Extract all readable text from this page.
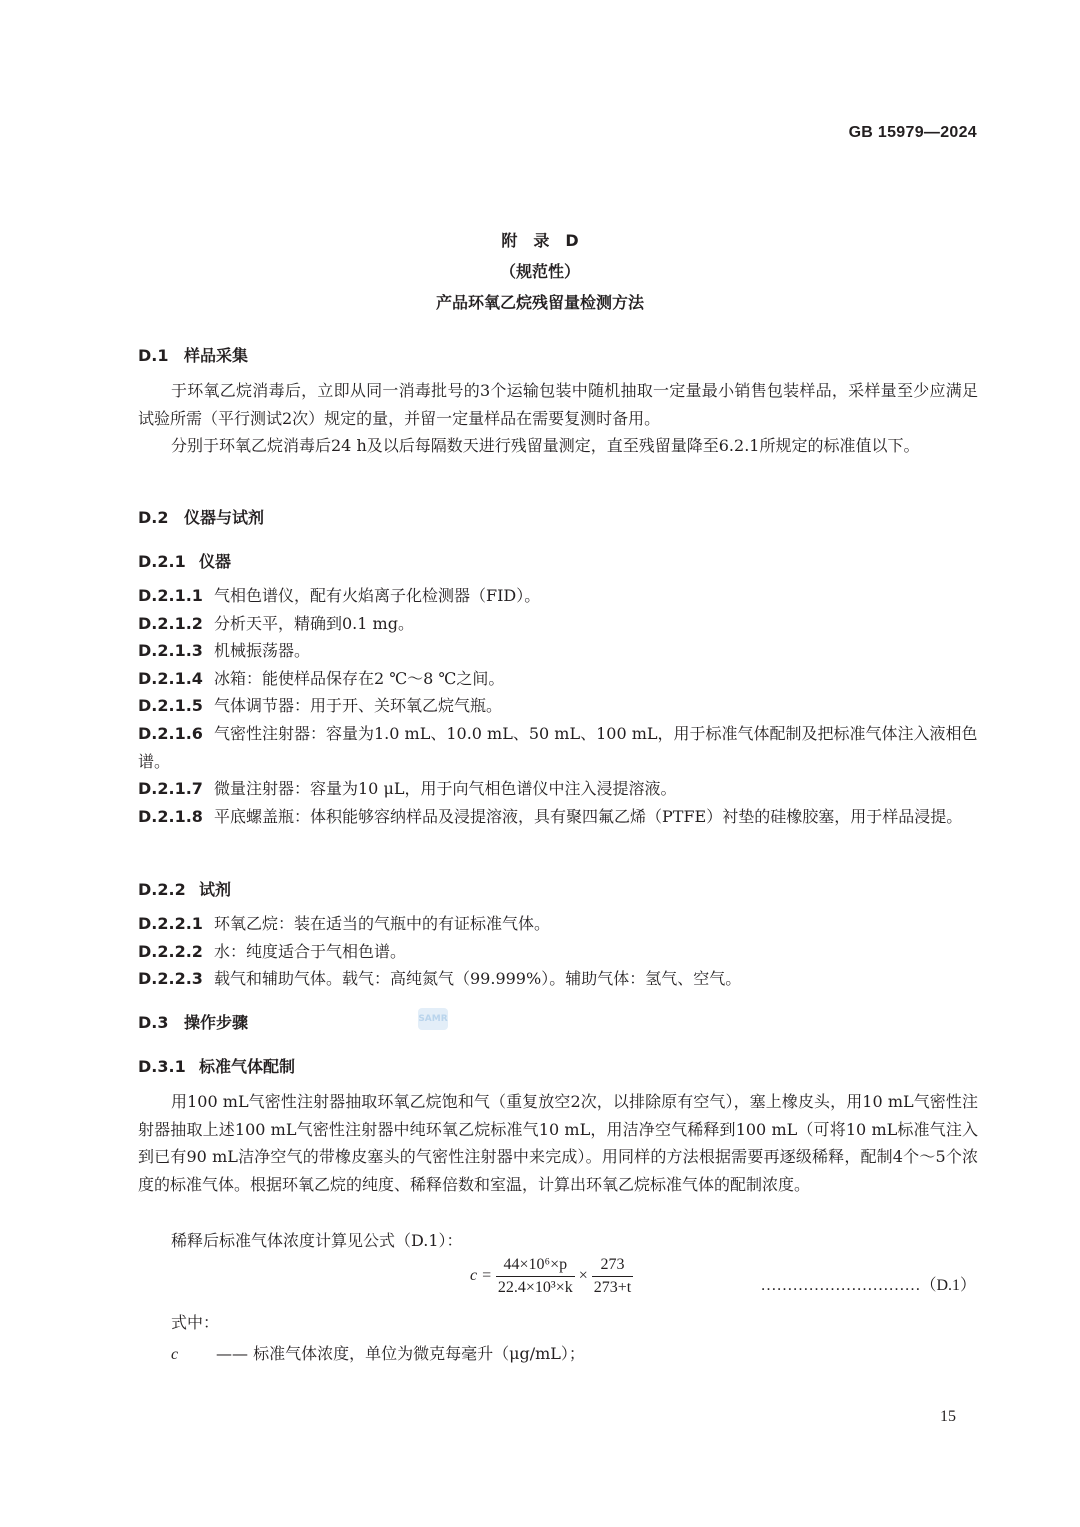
GB 15979—2024
附　录　D
（规范性）
产品环氧乙烷残留量检测方法
D.1 样品采集
于环氧乙烷消毒后，立即从同一消毒批号的3个运输包装中随机抽取一定量最小销售包装样品，采样量至少应满足试验所需（平行测试2次）规定的量，并留一定量样品在需要复测时备用。
分别于环氧乙烷消毒后24 h及以后每隔数天进行残留量测定，直至残留量降至6.2.1所规定的标准值以下。
D.2 仪器与试剂
D.2.1 仪器
D.2.1.1 气相色谱仪，配有火焰离子化检测器（FID）。
D.2.1.2 分析天平，精确到0.1 mg。
D.2.1.3 机械振荡器。
D.2.1.4 冰箱：能使样品保存在2 ℃～8 ℃之间。
D.2.1.5 气体调节器：用于开、关环氧乙烷气瓶。
D.2.1.6 气密性注射器：容量为1.0 mL、10.0 mL、50 mL、100 mL，用于标准气体配制及把标准气体注入液相色谱。
D.2.1.7 微量注射器：容量为10 μL，用于向气相色谱仪中注入浸提溶液。
D.2.1.8 平底螺盖瓶：体积能够容纳样品及浸提溶液，具有聚四氟乙烯（PTFE）衬垫的硅橡胶塞，用于样品浸提。
D.2.2 试剂
D.2.2.1 环氧乙烷：装在适当的气瓶中的有证标准气体。
D.2.2.2 水：纯度适合于气相色谱。
D.2.2.3 载气和辅助气体。载气：高纯氮气（99.999%）。辅助气体：氢气、空气。
D.3 操作步骤	SAMR
D.3.1 标准气体配制
用100 mL气密性注射器抽取环氧乙烷饱和气（重复放空2次，以排除原有空气），塞上橡皮头，用10 mL气密性注射器抽取上述100 mL气密性注射器中纯环氧乙烷标准气10 mL，用洁净空气稀释到100 mL（可将10 mL标准气注入到已有90 mL洁净空气的带橡皮塞头的气密性注射器中来完成）。用同样的方法根据需要再逐级稀释，配制4个～5个浓度的标准气体。根据环氧乙烷的纯度、稀释倍数和室温，计算出环氧乙烷标准气体的配制浓度。
稀释后标准气体浓度计算见公式（D.1）：
$c = \frac{\text{44×10⁶×p}}{\text{22.4×10³×k}} \times \frac{273}{273+t}$	…………………………（D.1）
式中：
c —— 标准气体浓度，单位为微克每毫升（μg/mL）；
15
